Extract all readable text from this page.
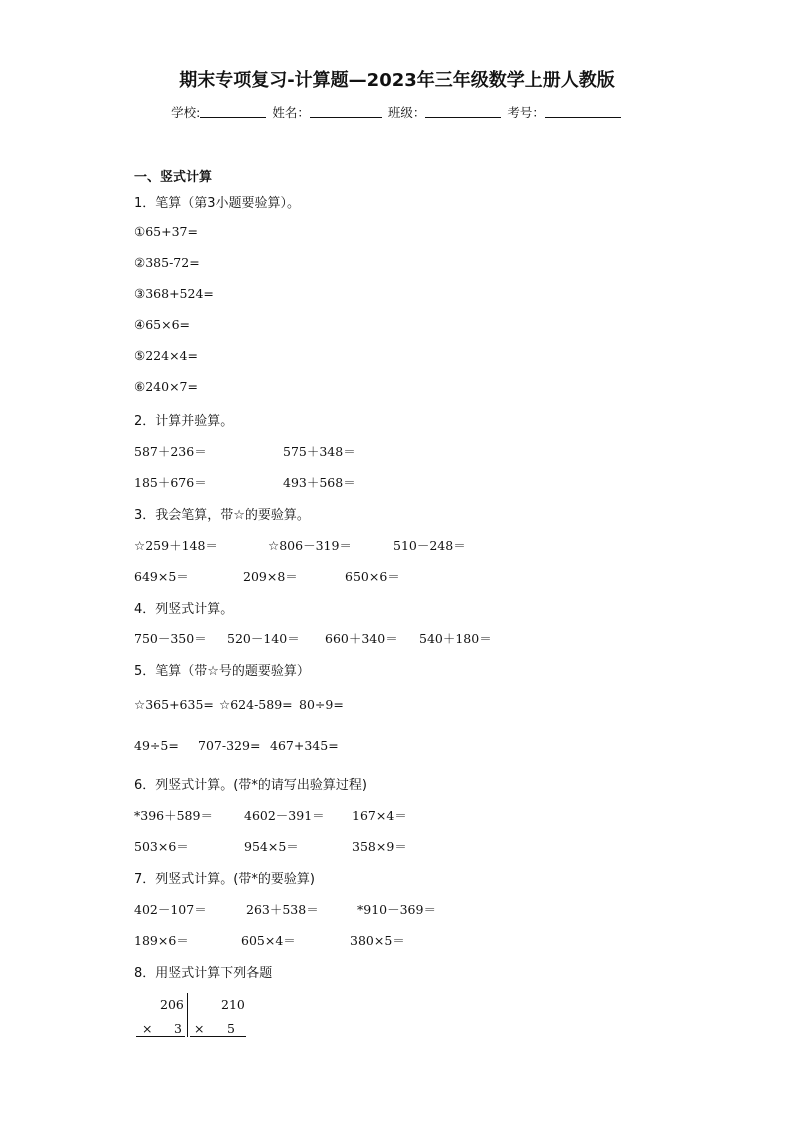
期末专项复习-计算题—2023年三年级数学上册人教版
学校:	姓名：	班级：	考号：
一、竖式计算
1．笔算（第3小题要验算）。
①65+37=
②385-72=
③368+524=
④65×6=
⑤224×4=
⑥240×7=
2．计算并验算。
587＋236＝	575＋348＝
185＋676＝	493＋568＝
3．我会笔算，带☆的要验算。
☆259＋148＝	☆806－319＝	510－248＝
649×5＝	209×8＝	650×6＝
4．列竖式计算。
750－350＝ 520－140＝ 660＋340＝ 540＋180＝
5．笔算（带☆号的题要验算）
☆365+635= ☆624-589= 80÷9=
49÷5= 707-329= 467+345=
6．列竖式计算。(带*的请写出验算过程)
*396＋589＝ 4602－391＝ 167×4＝
503×6＝	954×5＝	358×9＝
7．列竖式计算。(带*的要验算)
402－107＝	263＋538＝	*910－369＝
189×6＝	605×4＝	380×5＝
8．用竖式计算下列各题
206
× 3
210
× 5
